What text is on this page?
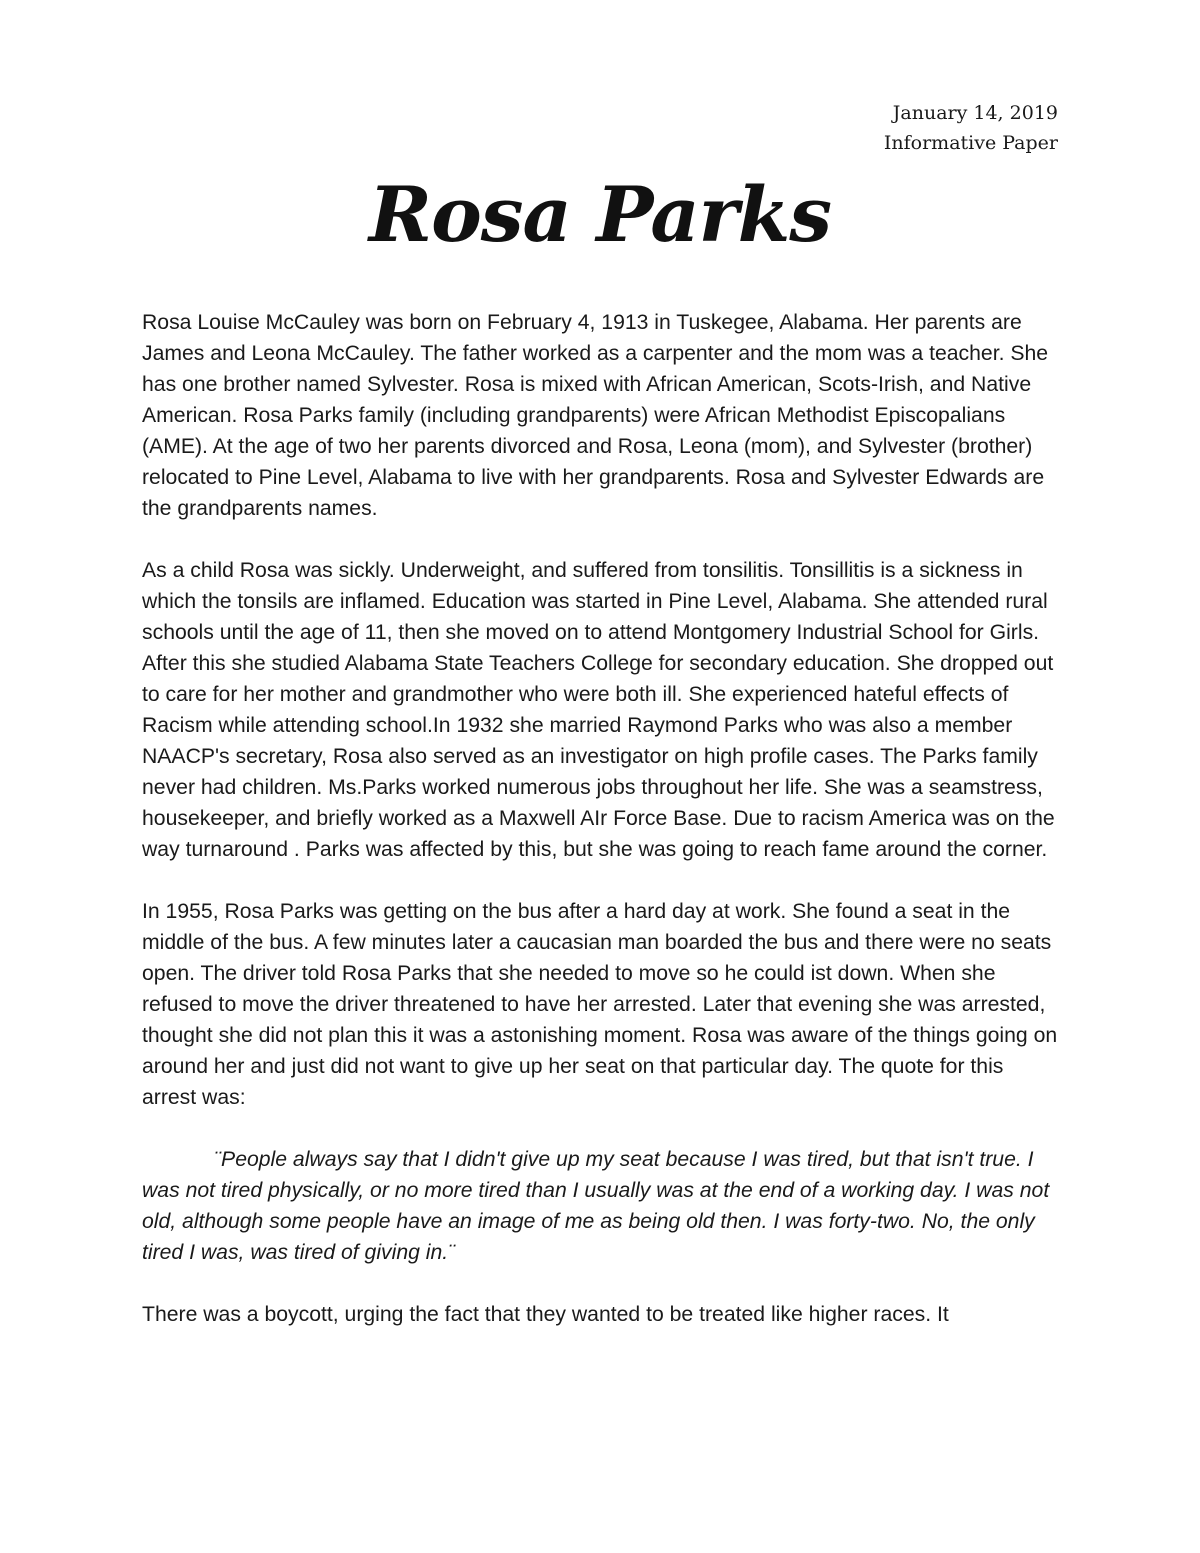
January 14, 2019
Informative Paper
Rosa Parks

Rosa Louise McCauley was born on February 4, 1913 in Tuskegee, Alabama. Her parents are James and Leona McCauley. The father worked as a carpenter and the mom was a teacher. She has one brother named Sylvester. Rosa is mixed with African American, Scots-Irish, and Native American. Rosa Parks family (including grandparents) were African Methodist Episcopalians (AME). At the age of two her parents divorced and Rosa, Leona (mom), and Sylvester (brother) relocated to Pine Level, Alabama to live with her grandparents. Rosa and Sylvester Edwards are the grandparents names.

As a child Rosa was sickly. Underweight, and suffered from tonsilitis. Tonsillitis is a sickness in which the tonsils are inflamed. Education was started in Pine Level, Alabama. She attended rural schools until the age of 11, then she moved on to attend Montgomery Industrial School for Girls. After this she studied Alabama State Teachers College for secondary education. She dropped out to care for her mother and grandmother who were both ill. She experienced hateful effects of Racism while attending school.In 1932 she married Raymond Parks who was also a member NAACP's secretary, Rosa also served as an investigator on high profile cases. The Parks family never had children. Ms.Parks worked numerous jobs throughout her life. She was a seamstress, housekeeper, and briefly worked as a Maxwell AIr Force Base. Due to racism America was on the way turnaround . Parks was affected by this, but she was going to reach fame around the corner.

In 1955, Rosa Parks was getting on the bus after a hard day at work. She found a seat in the middle of the bus. A few minutes later a caucasian man boarded the bus and there were no seats open. The driver told Rosa Parks that she needed to move so he could ist down. When she refused to move the driver threatened to have her arrested. Later that evening she was arrested, thought she did not plan this it was a astonishing moment. Rosa was aware of the things going on around her and just did not want to give up her seat on that particular day. The quote for this arrest was:

¨People always say that I didn't give up my seat because I was tired, but that isn't true. I was not tired physically, or no more tired than I usually was at the end of a working day. I was not old, although some people have an image of me as being old then. I was forty-two. No, the only tired I was, was tired of giving in.¨

There was a boycott, urging the fact that they wanted to be treated like higher races. It
